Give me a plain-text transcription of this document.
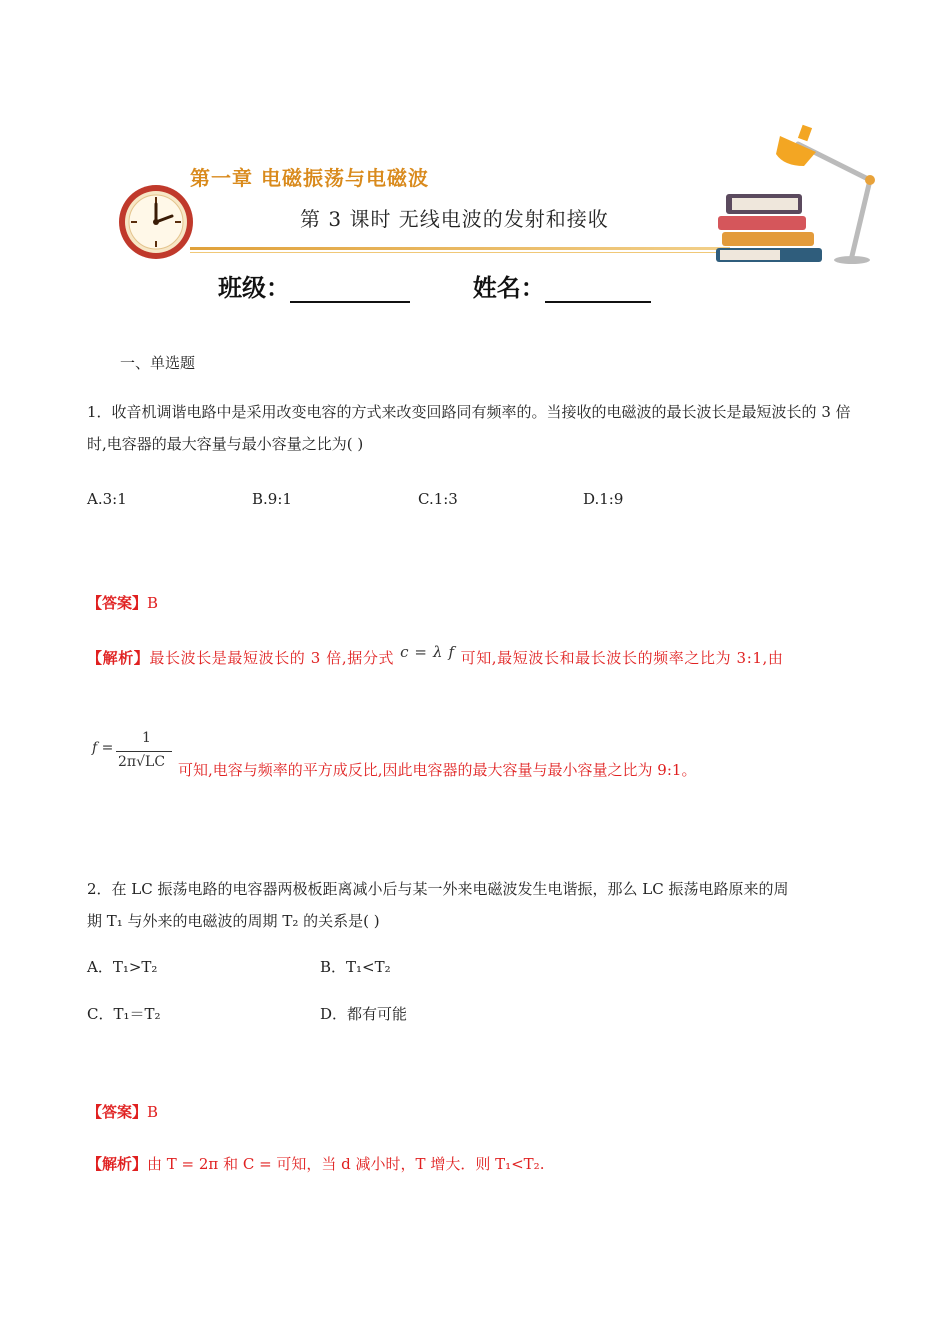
第一章 电磁振荡与电磁波
第 3 课时 无线电波的发射和接收
班级：	姓名：
一、单选题
1．收音机调谐电路中是采用改变电容的方式来改变回路同有频率的。当接收的电磁波的最长波长是最短波长的 3 倍时,电容器的最大容量与最小容量之比为( )
A.3:1	B.9:1	C.1:3	D.1:9
【答案】B
【解析】最长波长是最短波长的 3 倍,据分式 c = λ f 可知,最短波长和最长波长的频率之比为 3:1,由
f =
1
2π√LC 可知,电容与频率的平方成反比,因此电容器的最大容量与最小容量之比为 9:1。
2．在 LC 振荡电路的电容器两极板距离减小后与某一外来电磁波发生电谐振，那么 LC 振荡电路原来的周
期 T₁ 与外来的电磁波的周期 T₂ 的关系是( )
A．T₁>T₂	B．T₁<T₂
C．T₁＝T₂	D．都有可能
【答案】B
【解析】由 T = 2π 和 C = 可知，当 d 减小时，T 增大．则 T₁<T₂.
